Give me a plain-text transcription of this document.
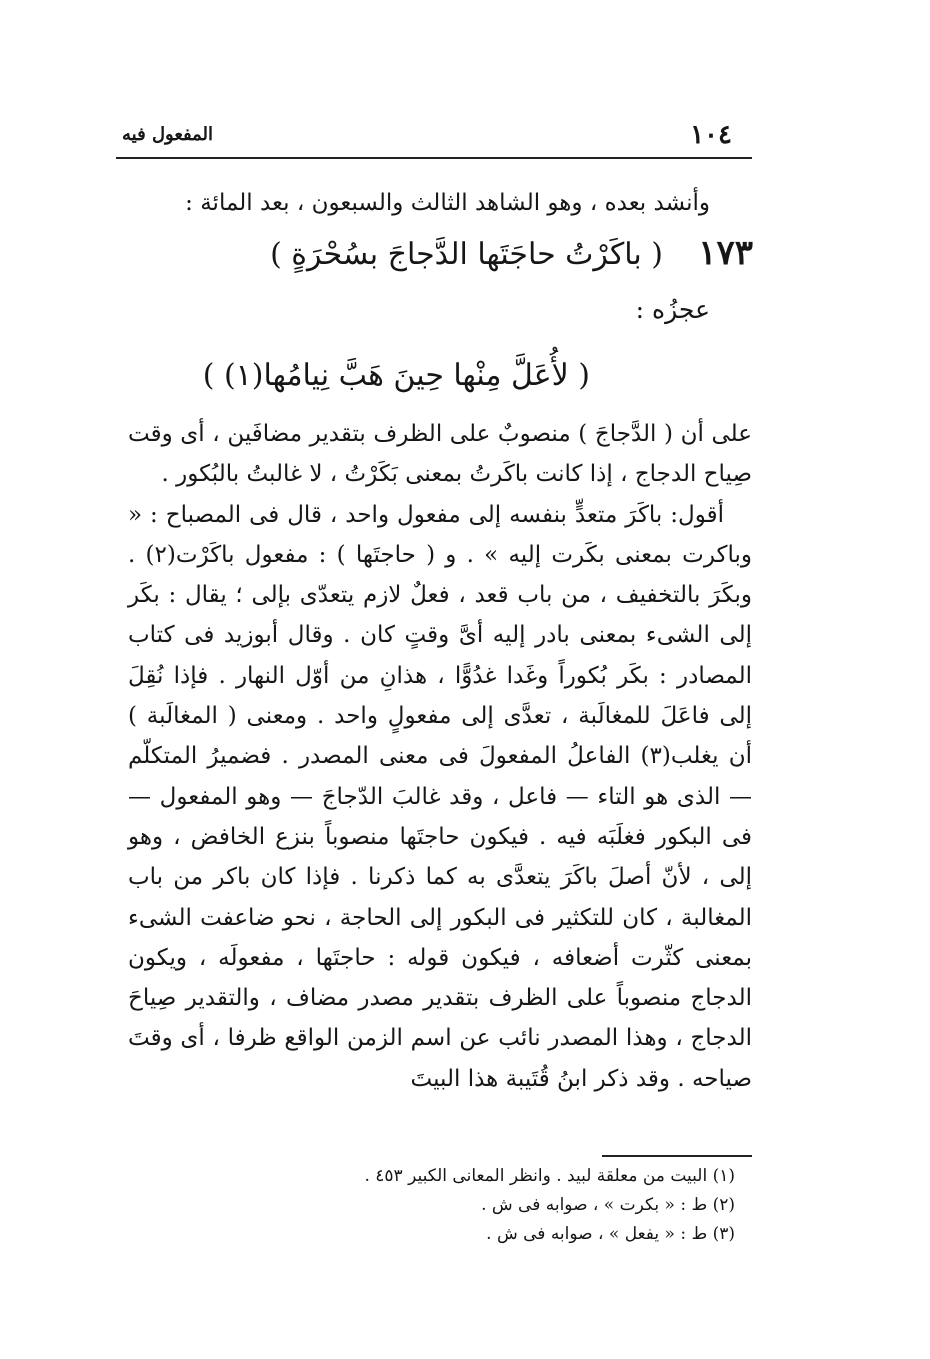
١٠٤
المفعول فيه
وأنشد بعده ، وهو الشاهد الثالث والسبعون ، بعد المائة :
١٧٣
( باكَرْتُ حاجَتَها الدَّجاجَ بسُحْرَةٍ )
عجزُه :
( لأُعَلَّ مِنْها حِينَ هَبَّ نِيامُها(١) )

على أن ( الدَّجاجَ ) منصوبٌ على الظرف بتقدير مضافَين ، أى وقت صِياح الدجاج ، إذا كانت باكَرتُ بمعنى بَكَرْتُ ، لا غالبتُ بالبُكور .

أقول: باكَرَ متعدٍّ بنفسه إلى مفعول واحد ، قال فى المصباح : « وباكرت بمعنى بكَرت إليه » . و ( حاجتَها ) : مفعول باكَرْت(٢) . وبكَرَ بالتخفيف ، من باب قعد ، فعلٌ لازم يتعدّى بإلى ؛ يقال : بكَر إلى الشىء بمعنى بادر إليه أىَّ وقتٍ كان . وقال أبوزيد فى كتاب المصادر : بكَر بُكوراً وغَدا غدُوًّا ، هذانِ من أوّل النهار . فإذا نُقِلَ إلى فاعَلَ للمغالَبة ، تعدَّى إلى مفعولٍ واحد . ومعنى ( المغالَبة ) أن يغلب(٣) الفاعلُ المفعولَ فى معنى المصدر . فضميرُ المتكلّم — الذى هو التاء — فاعل ، وقد غالبَ الدّجاجَ — وهو المفعول — فى البكور فغلَبَه فيه . فيكون حاجتَها منصوباً بنزع الخافض ، وهو إلى ، لأنّ أصلَ باكَرَ يتعدَّى به كما ذكرنا . فإذا كان باكر من باب المغالبة ، كان للتكثير فى البكور إلى الحاجة ، نحو ضاعفت الشىء بمعنى كثّرت أضعافه ، فيكون قوله : حاجتَها ، مفعولَه ، ويكون الدجاج منصوباً على الظرف بتقدير مصدر مضاف ، والتقدير صِياحَ الدجاج ، وهذا المصدر نائب عن اسم الزمن الواقع ظرفا ، أى وقتَ صياحه . وقد ذكر ابنُ قُتَيبة هذا البيتَ

(١) البيت من معلقة لبيد . وانظر المعانى الكبير ٤٥٣ .
(٢) ط : « بكرت » ، صوابه فى ش .
(٣) ط : « يفعل » ، صوابه فى ش .
